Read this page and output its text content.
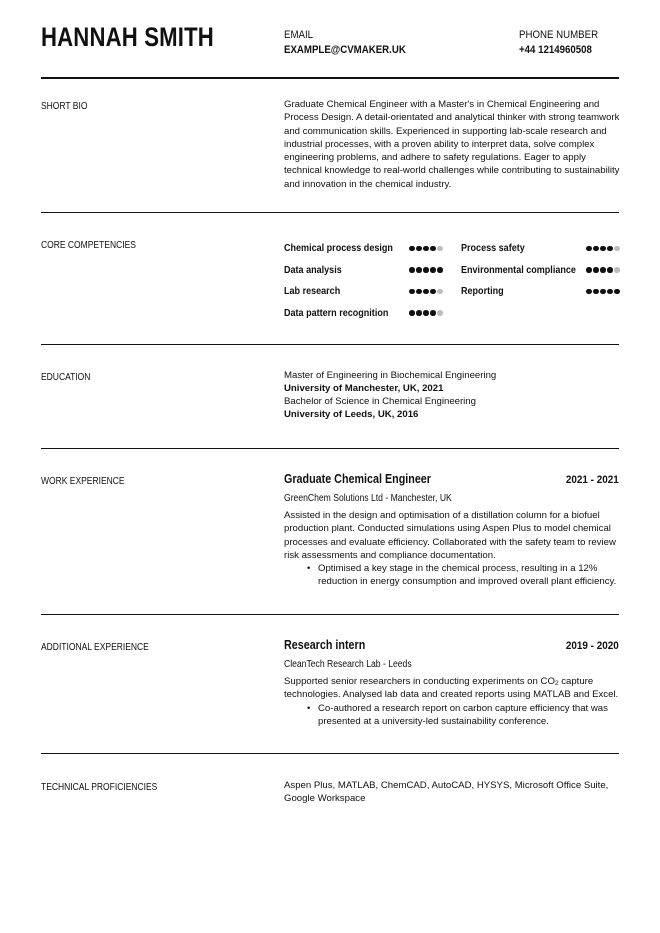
HANNAH SMITH	EMAIL
EXAMPLE@CVMAKER.UK
PHONE NUMBER
+44 1214960508
SHORT BIO	Graduate Chemical Engineer with a Master's in Chemical Engineering and Process Design. A detail-orientated and analytical thinker with strong teamwork and communication skills. Experienced in supporting lab-scale research and industrial processes, with a proven ability to interpret data, solve complex engineering problems, and adhere to safety regulations. Eager to apply technical knowledge to real-world challenges while contributing to sustainability and innovation in the chemical industry.
CORE COMPETENCIES	Chemical process design	Process safety
Data analysis	Environmental compliance
Lab research	Reporting
Data pattern recognition
EDUCATION	Master of Engineering in Biochemical Engineering
University of Manchester, UK, 2021
Bachelor of Science in Chemical Engineering
University of Leeds, UK, 2016
WORK EXPERIENCE	Graduate Chemical Engineer	2021 - 2021
GreenChem Solutions Ltd - Manchester, UK
Assisted in the design and optimisation of a distillation column for a biofuel production plant. Conducted simulations using Aspen Plus to model chemical processes and evaluate efficiency. Collaborated with the safety team to review risk assessments and compliance documentation.
• Optimised a key stage in the chemical process, resulting in a 12% reduction in energy consumption and improved overall plant efficiency.
ADDITIONAL EXPERIENCE	Research intern	2019 - 2020
CleanTech Research Lab - Leeds
Supported senior researchers in conducting experiments on $CO_2$ capture technologies. Analysed lab data and created reports using MATLAB and Excel.
• Co-authored a research report on carbon capture efficiency that was presented at a university-led sustainability conference.
TECHNICAL PROFICIENCIES	Aspen Plus, MATLAB, ChemCAD, AutoCAD, HYSYS, Microsoft Office Suite, Google Workspace
